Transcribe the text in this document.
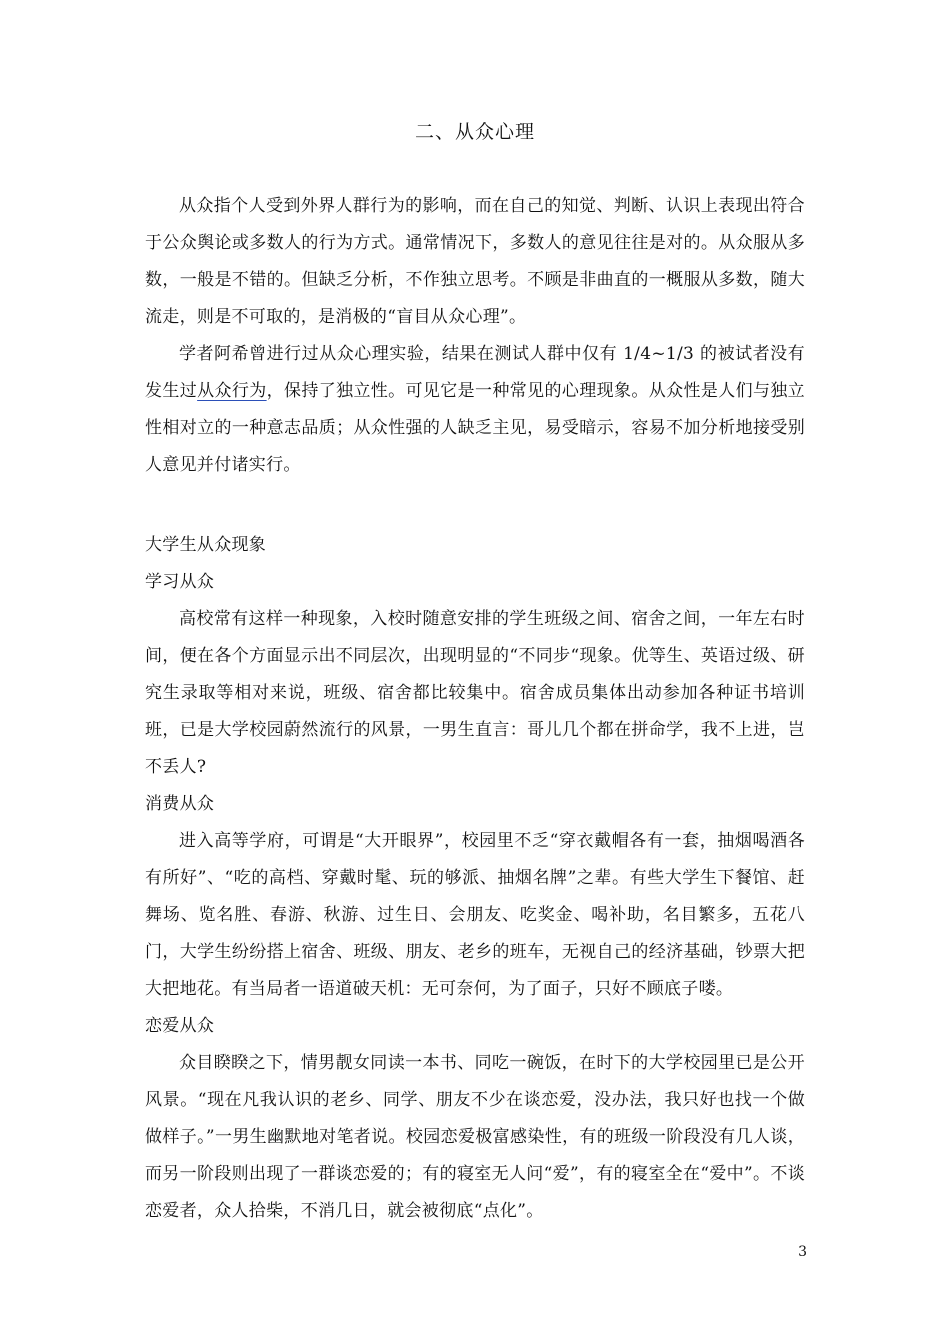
二、从众心理

从众指个人受到外界人群行为的影响，而在自己的知觉、判断、认识上表现出符合于公众舆论或多数人的行为方式。通常情况下，多数人的意见往往是对的。从众服从多数，一般是不错的。但缺乏分析，不作独立思考。不顾是非曲直的一概服从多数，随大流走，则是不可取的，是消极的“盲目从众心理”。

学者阿希曾进行过从众心理实验，结果在测试人群中仅有 1/4~1/3 的被试者没有发生过从众行为，保持了独立性。可见它是一种常见的心理现象。从众性是人们与独立性相对立的一种意志品质；从众性强的人缺乏主见，易受暗示，容易不加分析地接受别人意见并付诸实行。

大学生从众现象

学习从众

高校常有这样一种现象，入校时随意安排的学生班级之间、宿舍之间，一年左右时间，便在各个方面显示出不同层次，出现明显的“不同步“现象。优等生、英语过级、研究生录取等相对来说，班级、宿舍都比较集中。宿舍成员集体出动参加各种证书培训班，已是大学校园蔚然流行的风景，一男生直言：哥儿几个都在拼命学，我不上进，岂不丢人?

消费从众

进入高等学府，可谓是“大开眼界”，校园里不乏“穿衣戴帽各有一套，抽烟喝酒各有所好”、“吃的高档、穿戴时髦、玩的够派、抽烟名牌”之辈。有些大学生下餐馆、赶舞场、览名胜、春游、秋游、过生日、会朋友、吃奖金、喝补助，名目繁多，五花八门，大学生纷纷搭上宿舍、班级、朋友、老乡的班车，无视自己的经济基础，钞票大把大把地花。有当局者一语道破天机：无可奈何，为了面子，只好不顾底子喽。

恋爱从众

众目睽睽之下，情男靓女同读一本书、同吃一碗饭，在时下的大学校园里已是公开风景。“现在凡我认识的老乡、同学、朋友不少在谈恋爱，没办法，我只好也找一个做做样子。”一男生幽默地对笔者说。校园恋爱极富感染性，有的班级一阶段没有几人谈，而另一阶段则出现了一群谈恋爱的；有的寝室无人问“爱”，有的寝室全在“爱中”。不谈恋爱者，众人拾柴，不消几日，就会被彻底“点化”。

3
